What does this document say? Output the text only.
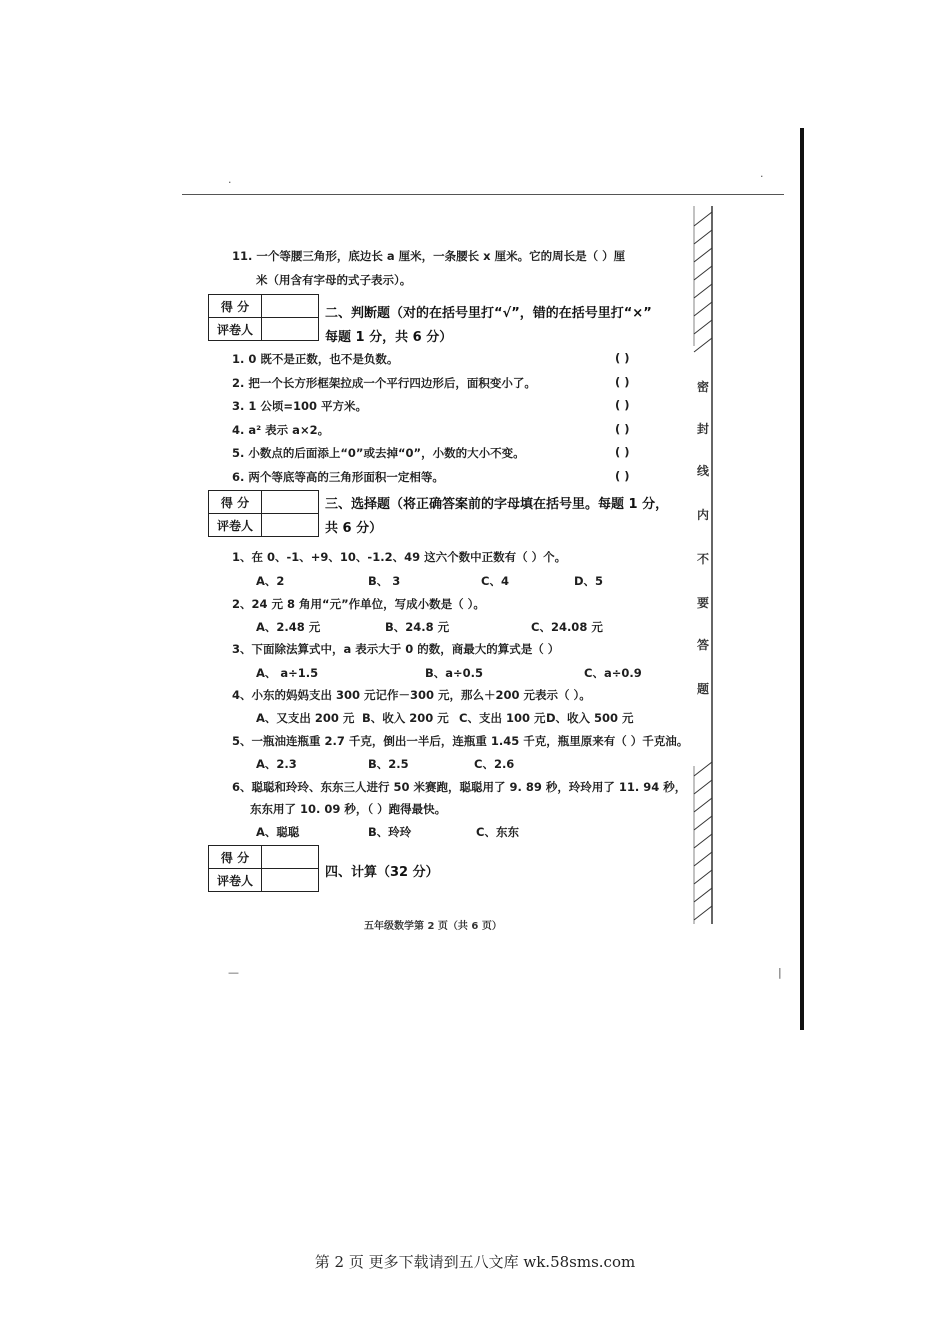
密
封
线
内
不
要
答
题
·
·
—	|
11. 一个等腰三角形，底边长 a 厘米，一条腰长 x 厘米。它的周长是（ ）厘
米（用含有字母的式子表示）。
得 分	
评卷人	
二、判断题（对的在括号里打“√”，错的在括号里打“×”
每题 1 分，共 6 分）
1. 0 既不是正数，也不是负数。	( )
2. 把一个长方形框架拉成一个平行四边形后，面积变小了。	( )
3. 1 公顷=100 平方米。	( )
4. a² 表示 a×2。	( )
5. 小数点的后面添上“0”或去掉“0”，小数的大小不变。	( )
6. 两个等底等高的三角形面积一定相等。	( )
得 分	
评卷人	
三、选择题（将正确答案前的字母填在括号里。每题 1 分，
共 6 分）
1、在 0、-1、+9、10、-1.2、49 这六个数中正数有（ ）个。
A、2	B、 3	C、4	D、5
2、24 元 8 角用“元”作单位，写成小数是（ ）。
A、2.48 元	B、24.8 元	C、24.08 元
3、下面除法算式中，a 表示大于 0 的数，商最大的算式是（ ）
A、 a÷1.5	B、a÷0.5	C、a÷0.9
4、小东的妈妈支出 300 元记作－300 元，那么＋200 元表示（ ）。
A、又支出 200 元 B、收入 200 元 C、支出 100 元 D、收入 500 元
5、一瓶油连瓶重 2.7 千克，倒出一半后，连瓶重 1.45 千克，瓶里原来有（ ）千克油。
A、2.3	B、2.5	C、2.6
6、聪聪和玲玲、东东三人进行 50 米赛跑，聪聪用了 9. 89 秒，玲玲用了 11. 94 秒，
东东用了 10. 09 秒，（ ）跑得最快。
A、聪聪	B、玲玲	C、东东
得 分	
评卷人	
四、计算（32 分）
五年级数学第 2 页（共 6 页）
第 2 页 更多下载请到五八文库 wk.58sms.com
